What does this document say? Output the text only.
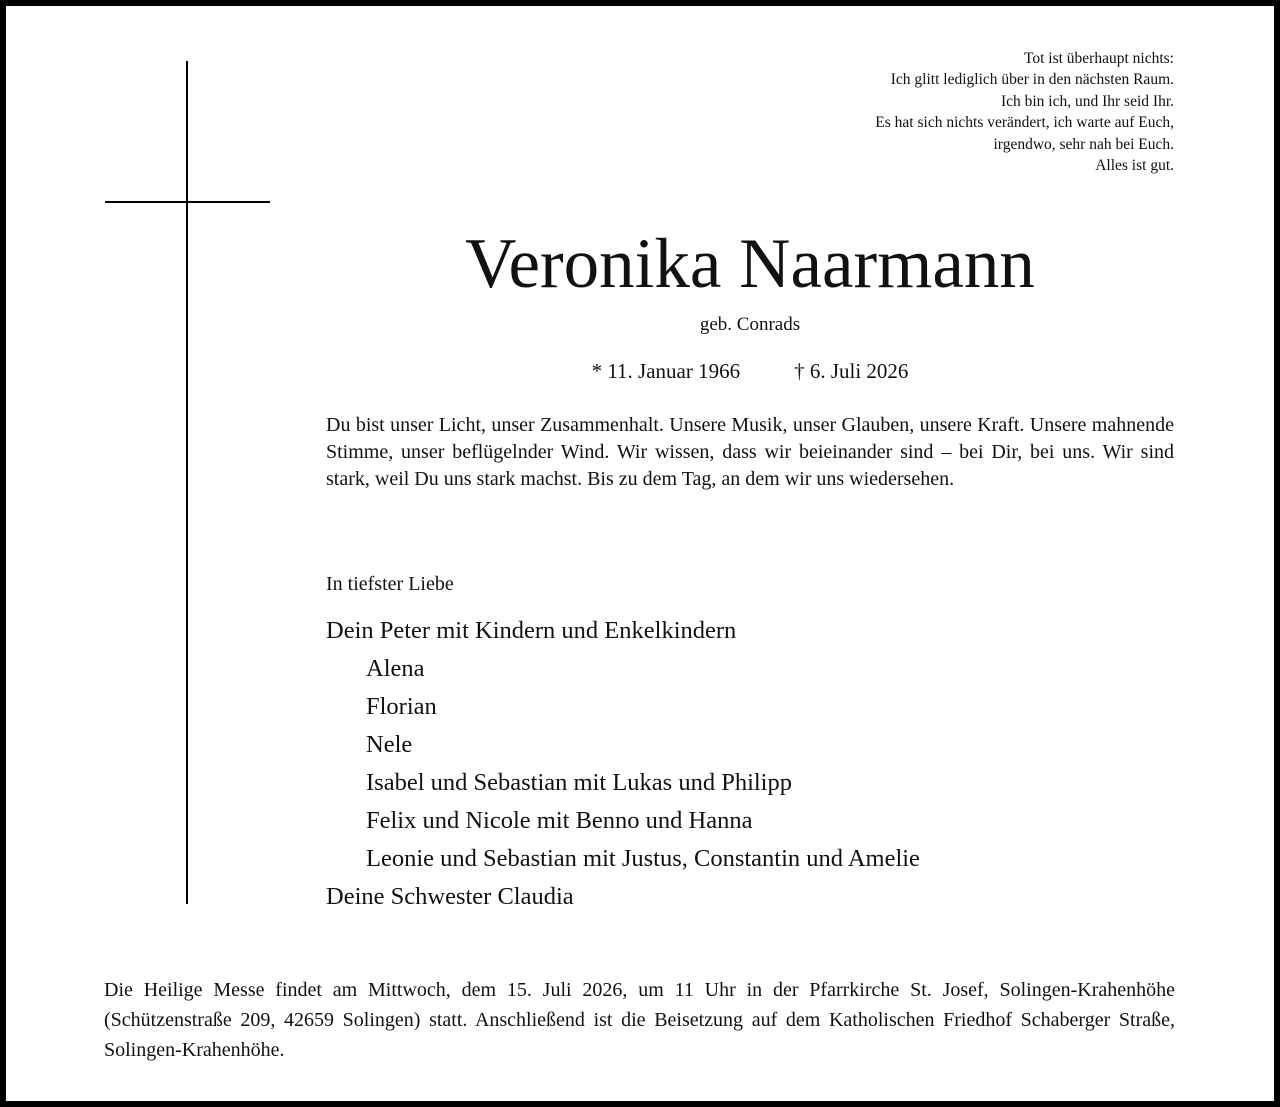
Tot ist überhaupt nichts:
Ich glitt lediglich über in den nächsten Raum.
Ich bin ich, und Ihr seid Ihr.
Es hat sich nichts verändert, ich warte auf Euch,
irgendwo, sehr nah bei Euch.
Alles ist gut.
Veronika Naarmann
geb. Conrads
* 11. Januar 1966	† 6. Juli 2026
Du bist unser Licht, unser Zusammenhalt. Unsere Musik, unser Glauben, unsere Kraft. Unsere mahnende Stimme, unser beflügelnder Wind. Wir wissen, dass wir beieinander sind – bei Dir, bei uns. Wir sind stark, weil Du uns stark machst. Bis zu dem Tag, an dem wir uns wiedersehen.
In tiefster Liebe
Dein Peter mit Kindern und Enkelkindern
Alena
Florian
Nele
Isabel und Sebastian mit Lukas und Philipp
Felix und Nicole mit Benno und Hanna
Leonie und Sebastian mit Justus, Constantin und Amelie
Deine Schwester Claudia
Die Heilige Messe findet am Mittwoch, dem 15. Juli 2026, um 11 Uhr in der Pfarrkirche St. Josef, Solingen-Krahenhöhe (Schützenstraße 209, 42659 Solingen) statt. Anschließend ist die Beisetzung auf dem Katholischen Friedhof Schaberger Straße, Solingen-Krahenhöhe.
